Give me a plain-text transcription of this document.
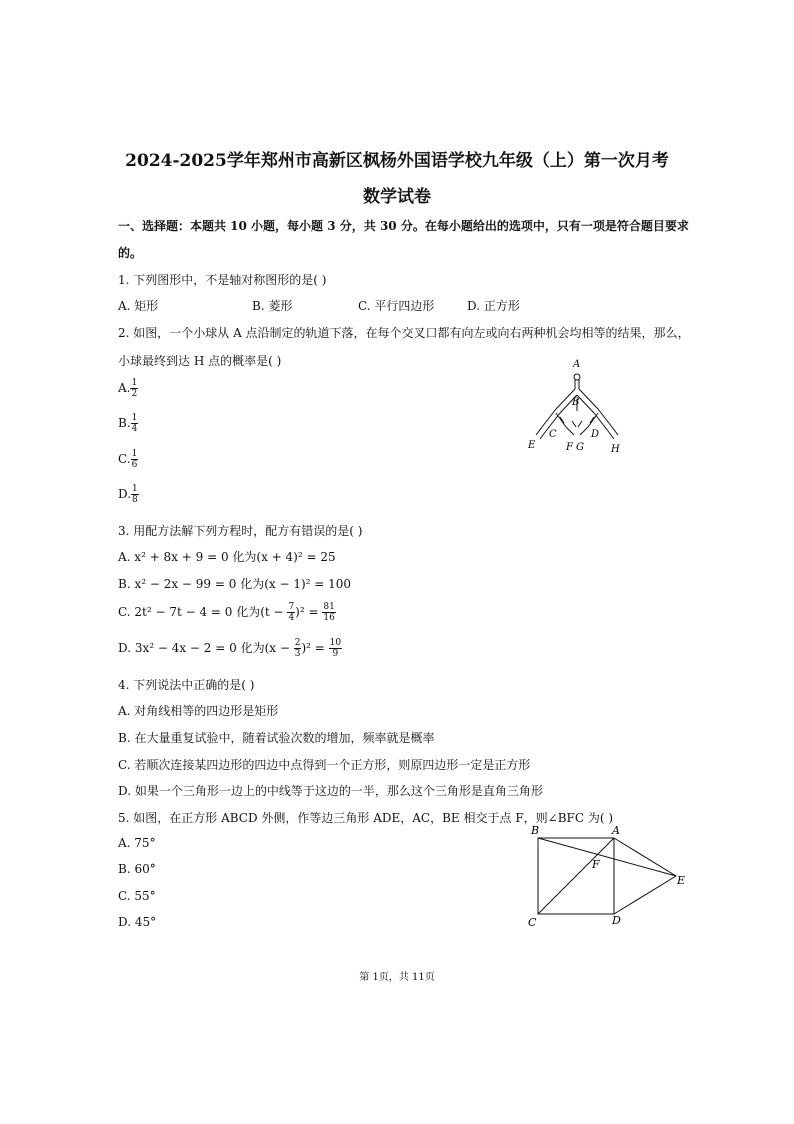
2024-2025学年郑州市高新区枫杨外国语学校九年级（上）第一次月考
数学试卷
一、选择题：本题共 10 小题，每小题 3 分，共 30 分。在每小题给出的选项中，只有一项是符合题目要求
的。
1. 下列图形中，不是轴对称图形的是( )
A. 矩形	B. 菱形	C. 平行四边形	D. 正方形
2. 如图，一个小球从 A 点沿制定的轨道下落，在每个交叉口都有向左或向右两种机会均相等的结果，那么，
小球最终到达 H 点的概率是( )
A. $\frac{1}{2}$
B. $\frac{1}{4}$
C. $\frac{1}{6}$
D. $\frac{1}{8}$
A
B
C	D
E	F G	H
3. 用配方法解下列方程时，配方有错误的是( )
A. x² + 8x + 9 = 0 化为(x + 4)² = 25
B. x² − 2x − 99 = 0 化为(x − 1)² = 100
C. 2t² − 7t − 4 = 0 化为$(t - \frac{7}{4} )^2 = \frac{81}{16}$
D. 3x² − 4x − 2 = 0 化为$(x - \frac{2}{3} )^2 = \frac{10}{9}$
4. 下列说法中正确的是( )
A. 对角线相等的四边形是矩形
B. 在大量重复试验中，随着试验次数的增加，频率就是概率
C. 若顺次连接某四边形的四边中点得到一个正方形，则原四边形一定是正方形
D. 如果一个三角形一边上的中线等于这边的一半，那么这个三角形是直角三角形
5. 如图，在正方形 ABCD 外侧，作等边三角形 ADE，AC，BE 相交于点 F，则∠BFC 为( )
A. 75°
B. 60°
C. 55°
D. 45°
B	A
F
E
C	D
第 1页，共 11页
